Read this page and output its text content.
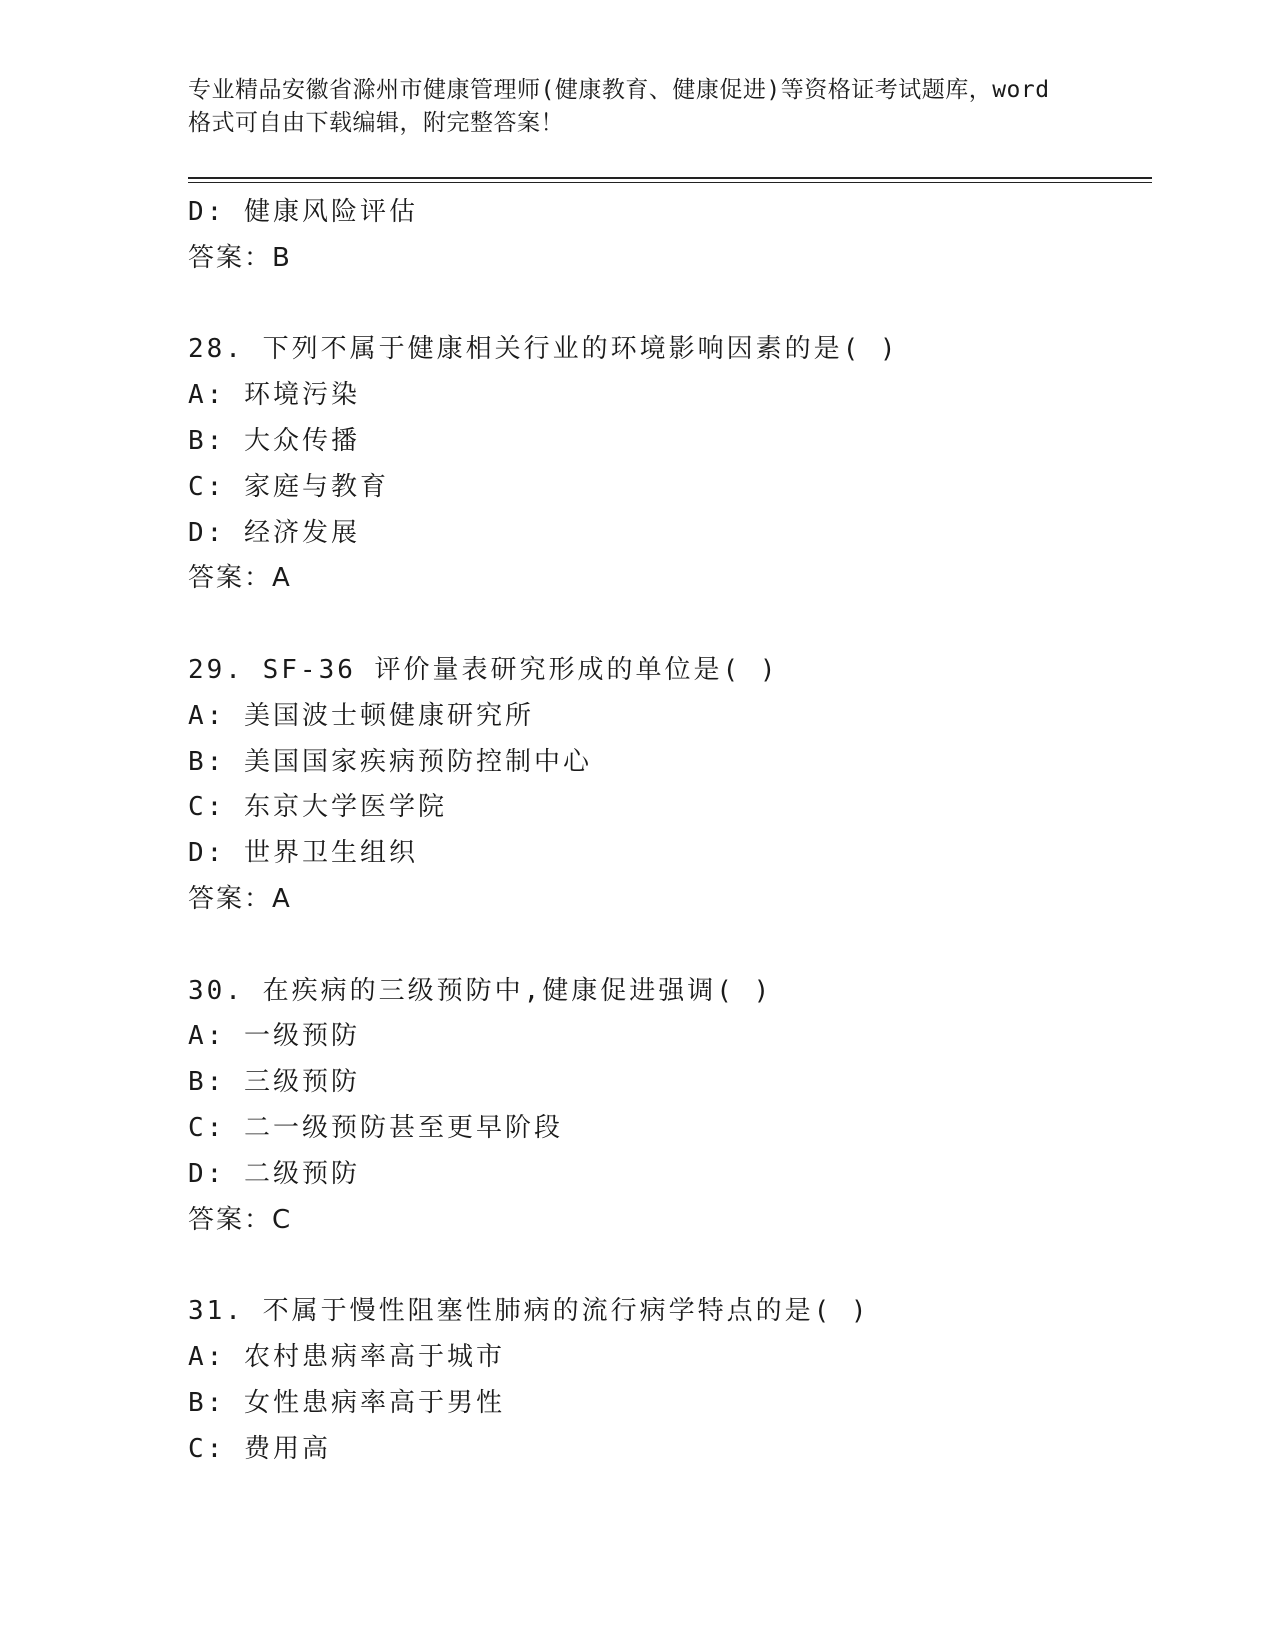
专业精品安徽省滁州市健康管理师(健康教育、健康促进)等资格证考试题库，word
格式可自由下载编辑，附完整答案！
D: 健康风险评估
答案：B
28. 下列不属于健康相关行业的环境影响因素的是( )
A: 环境污染
B: 大众传播
C: 家庭与教育
D: 经济发展
答案：A
29. SF-36 评价量表研究形成的单位是( )
A: 美国波士顿健康研究所
B: 美国国家疾病预防控制中心
C: 东京大学医学院
D: 世界卫生组织
答案：A
30. 在疾病的三级预防中,健康促进强调( )
A: 一级预防
B: 三级预防
C: 二一级预防甚至更早阶段
D: 二级预防
答案：C
31. 不属于慢性阻塞性肺病的流行病学特点的是( )
A: 农村患病率高于城市
B: 女性患病率高于男性
C: 费用高
